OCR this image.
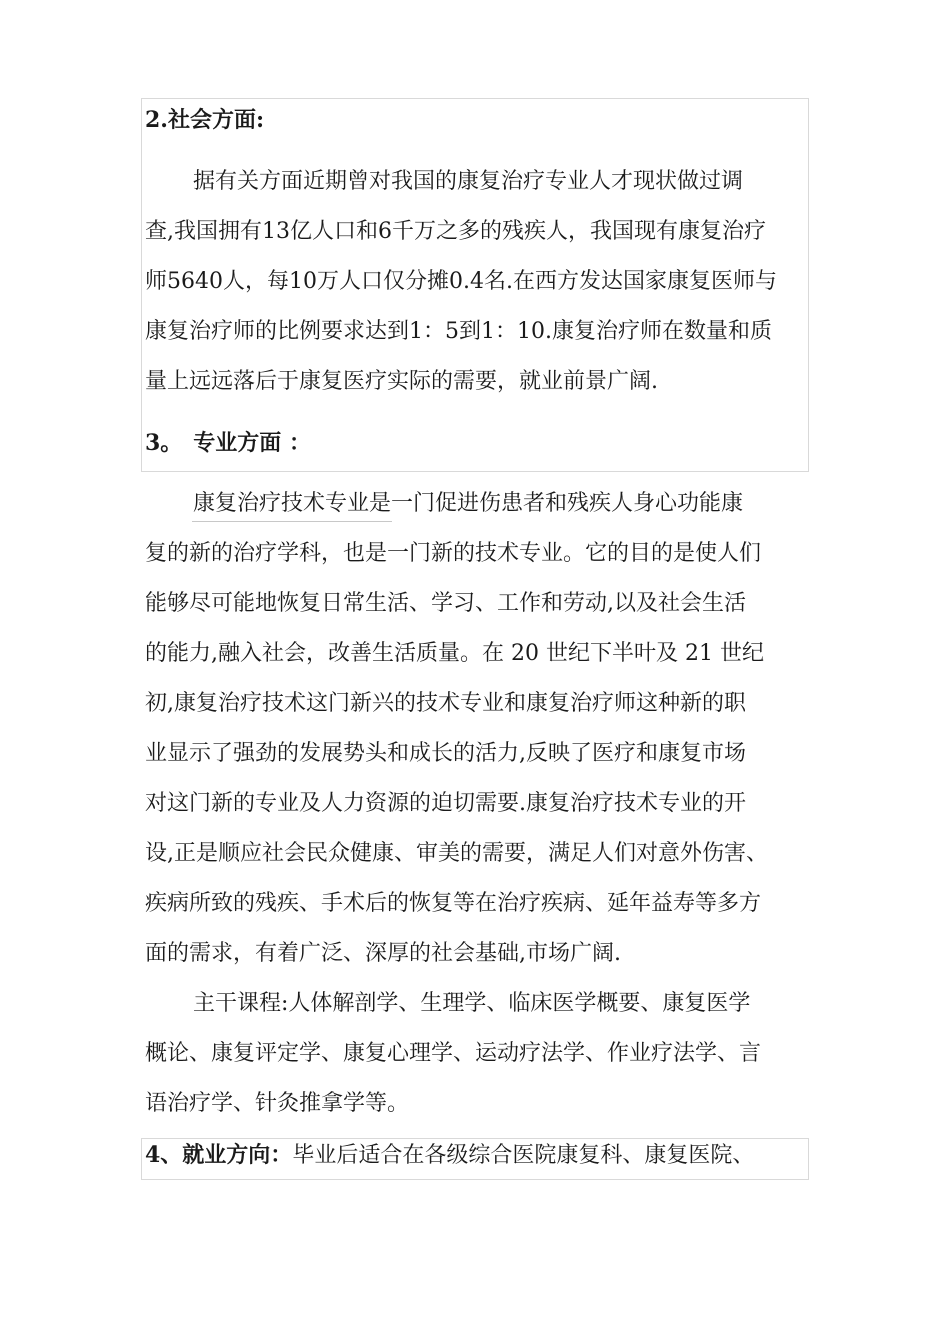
2.社会方面:
据有关方面近期曾对我国的康复治疗专业人才现状做过调
查,我国拥有13亿人口和6千万之多的残疾人，我国现有康复治疗
师5640人，每10万人口仅分摊0.4名.在西方发达国家康复医师与
康复治疗师的比例要求达到1：5到1：10.康复治疗师在数量和质
量上远远落后于康复医疗实际的需要，就业前景广阔.
3。　专业方面 ：
康复治疗技术专业是一门促进伤患者和残疾人身心功能康
复的新的治疗学科，也是一门新的技术专业。它的目的是使人们
能够尽可能地恢复日常生活、学习、工作和劳动,以及社会生活
的能力,融入社会，改善生活质量。在 20 世纪下半叶及 21 世纪
初,康复治疗技术这门新兴的技术专业和康复治疗师这种新的职
业显示了强劲的发展势头和成长的活力,反映了医疗和康复市场
对这门新的专业及人力资源的迫切需要.康复治疗技术专业的开
设,正是顺应社会民众健康、审美的需要，满足人们对意外伤害、
疾病所致的残疾、手术后的恢复等在治疗疾病、延年益寿等多方
面的需求，有着广泛、深厚的社会基础,市场广阔.
主干课程:人体解剖学、生理学、临床医学概要、康复医学
概论、康复评定学、康复心理学、运动疗法学、作业疗法学、言
语治疗学、针灸推拿学等。
4、就业方向：毕业后适合在各级综合医院康复科、康复医院、
